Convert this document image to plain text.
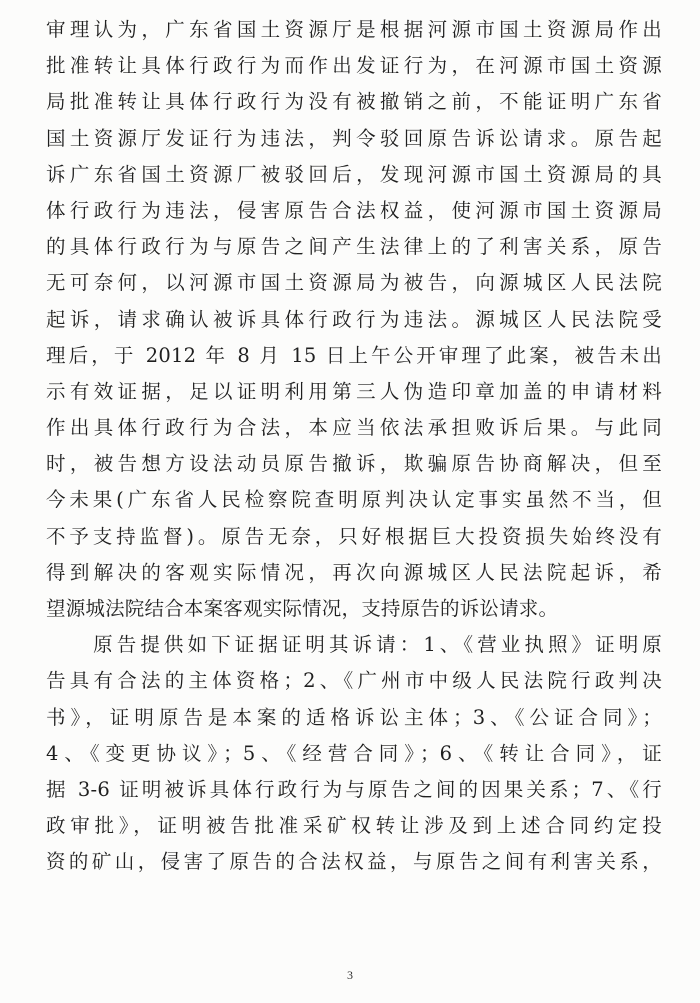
审理认为，广东省国土资源厅是根据河源市国土资源局作出
批准转让具体行政行为而作出发证行为，在河源市国土资源
局批准转让具体行政行为没有被撤销之前，不能证明广东省
国土资源厅发证行为违法，判令驳回原告诉讼请求。原告起
诉广东省国土资源厂被驳回后，发现河源市国土资源局的具
体行政行为违法，侵害原告合法权益，使河源市国土资源局
的具体行政行为与原告之间产生法律上的了利害关系，原告
无可奈何，以河源市国土资源局为被告，向源城区人民法院
起诉，请求确认被诉具体行政行为违法。源城区人民法院受
理后，于 2012 年 8 月 15 日上午公开审理了此案，被告未出
示有效证据，足以证明利用第三人伪造印章加盖的申请材料
作出具体行政行为合法，本应当依法承担败诉后果。与此同
时，被告想方设法动员原告撤诉，欺骗原告协商解决，但至
今未果(广东省人民检察院查明原判决认定事实虽然不当，但
不予支持监督)。原告无奈，只好根据巨大投资损失始终没有
得到解决的客观实际情况，再次向源城区人民法院起诉，希
望源城法院结合本案客观实际情况，支持原告的诉讼请求。
　　原告提供如下证据证明其诉请：1、《营业执照》证明原
告具有合法的主体资格；2、《广州市中级人民法院行政判决
书》，证明原告是本案的适格诉讼主体；3、《公证合同》；
4、《变更协议》；5、《经营合同》；6、《转让合同》，证
据 3-6 证明被诉具体行政行为与原告之间的因果关系；7、《行
政审批》，证明被告批准采矿权转让涉及到上述合同约定投
资的矿山，侵害了原告的合法权益，与原告之间有利害关系，
3
